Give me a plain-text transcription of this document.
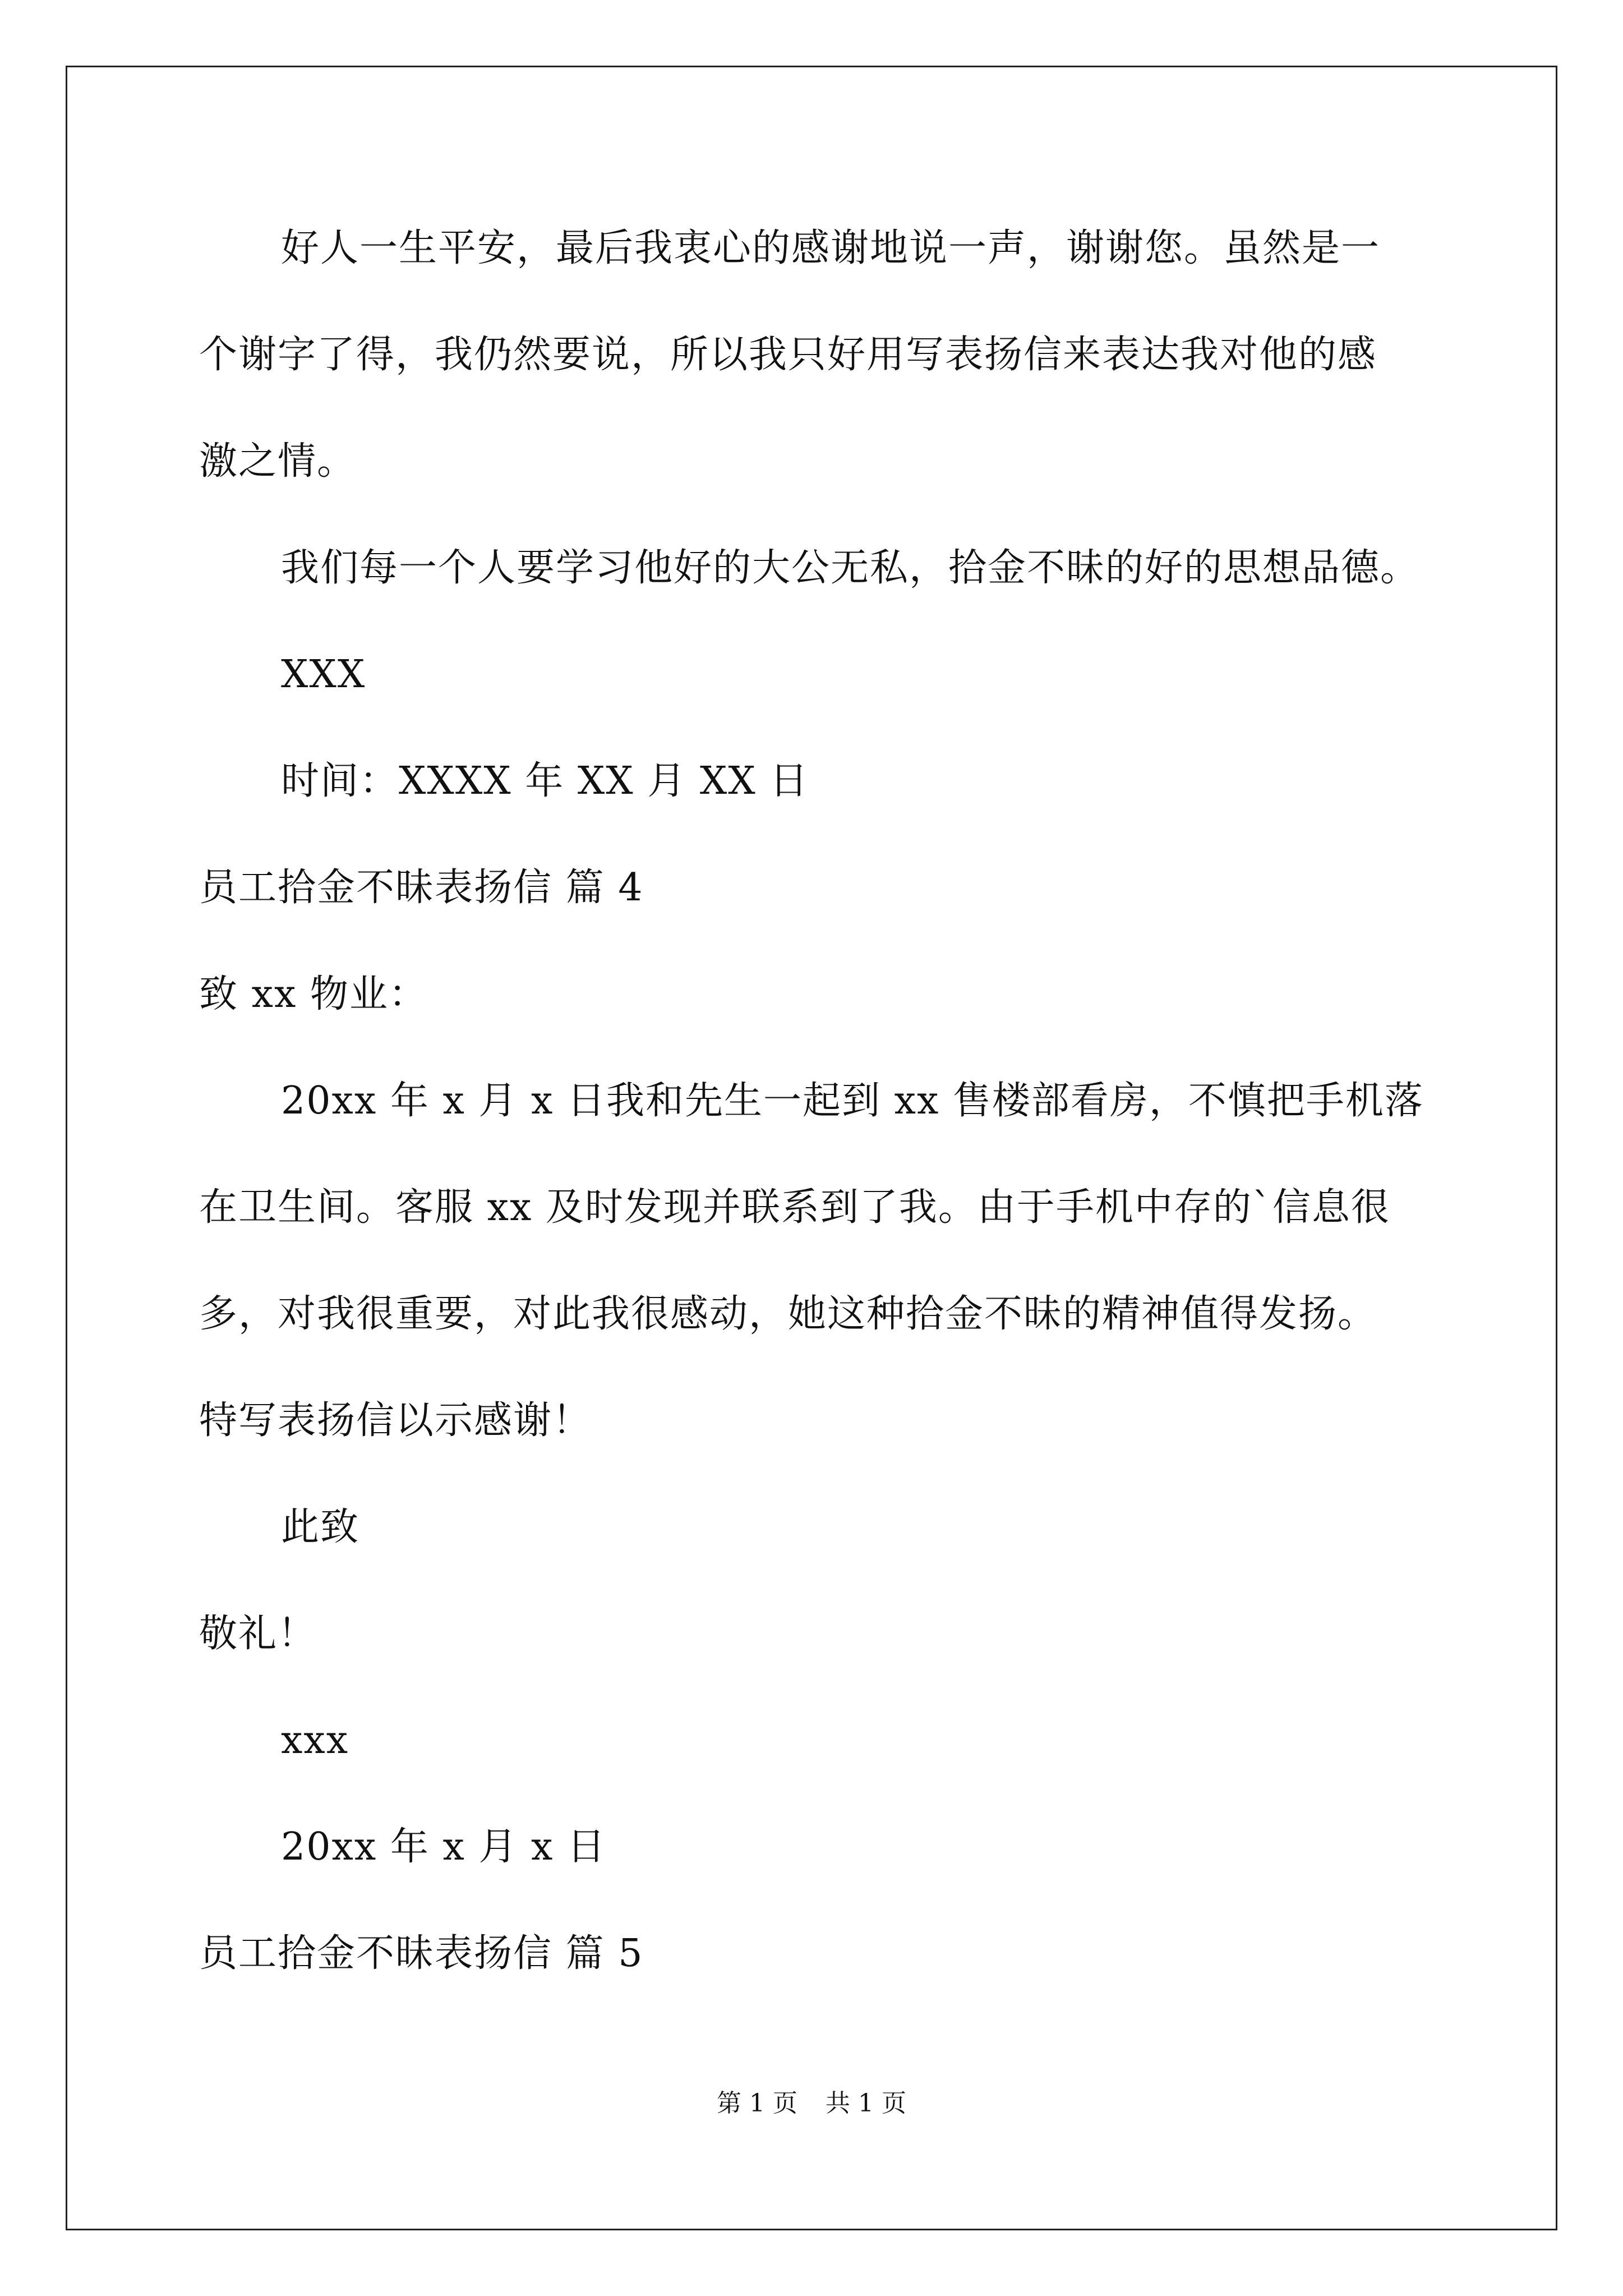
好人一生平安，最后我衷心的感谢地说一声，谢谢您。虽然是一
个谢字了得，我仍然要说，所以我只好用写表扬信来表达我对他的感
激之情。
我们每一个人要学习他好的大公无私，拾金不昧的好的思想品德。
XXX
时间：XXXX 年 XX 月 XX 日
员工拾金不昧表扬信 篇 4
致 xx 物业：
20xx 年 x 月 x 日我和先生一起到 xx 售楼部看房，不慎把手机落
在卫生间。客服 xx 及时发现并联系到了我。由于手机中存的`信息很
多，对我很重要，对此我很感动，她这种拾金不昧的精神值得发扬。
特写表扬信以示感谢！
此致
敬礼！
xxx
20xx 年 x 月 x 日
员工拾金不昧表扬信 篇 5
第 1 页 共 1 页
